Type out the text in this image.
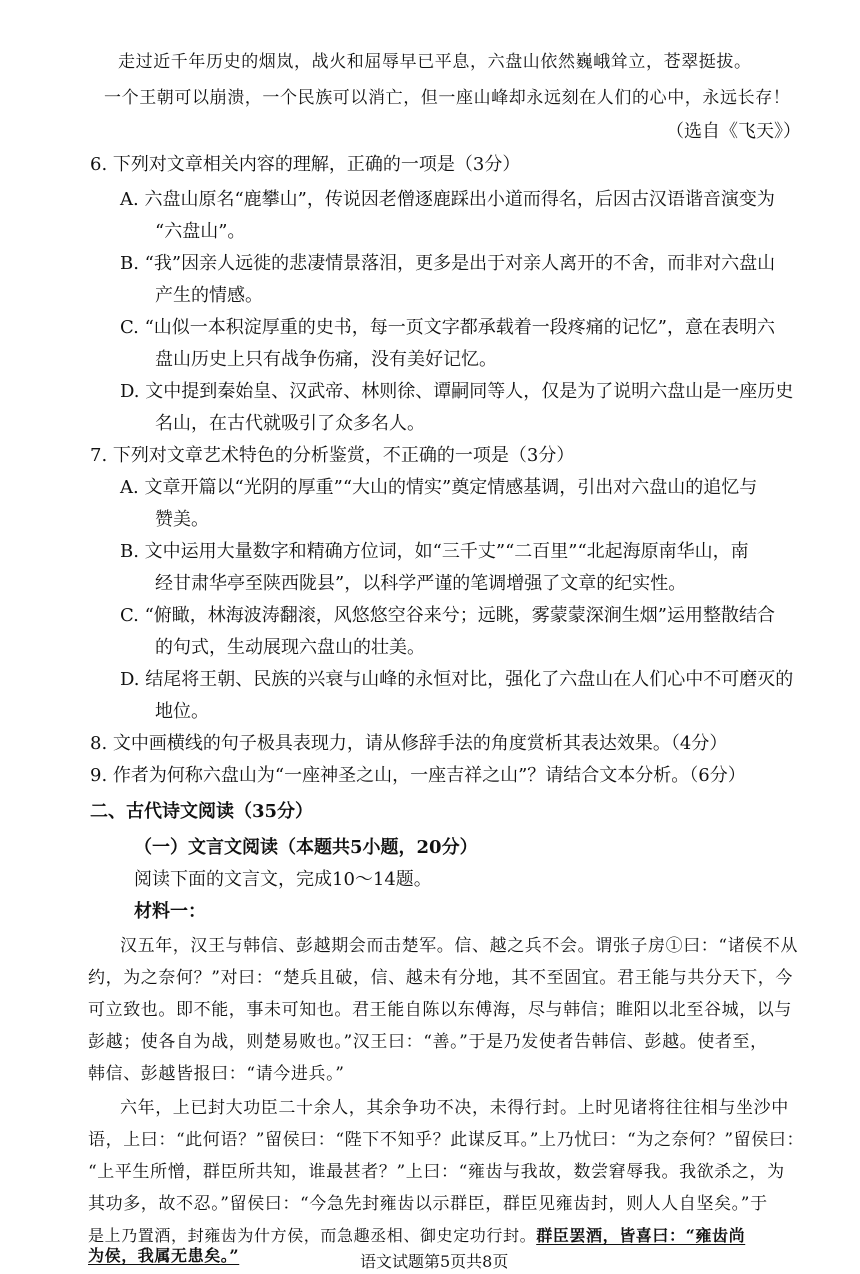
走过近千年历史的烟岚，战火和屈辱早已平息，六盘山依然巍峨耸立，苍翠挺拔。
一个王朝可以崩溃，一个民族可以消亡，但一座山峰却永远刻在人们的心中，永远长存！
（选自《飞天》）
6. 下列对文章相关内容的理解，正确的一项是（3分）
A. 六盘山原名“鹿攀山”，传说因老僧逐鹿踩出小道而得名，后因古汉语谐音演变为
“六盘山”。
B. “我”因亲人远徙的悲凄情景落泪，更多是出于对亲人离开的不舍，而非对六盘山
产生的情感。
C. “山似一本积淀厚重的史书，每一页文字都承载着一段疼痛的记忆”，意在表明六
盘山历史上只有战争伤痛，没有美好记忆。
D. 文中提到秦始皇、汉武帝、林则徐、谭嗣同等人，仅是为了说明六盘山是一座历史
名山，在古代就吸引了众多名人。
7. 下列对文章艺术特色的分析鉴赏，不正确的一项是（3分）
A. 文章开篇以“光阴的厚重”“大山的情实”奠定情感基调，引出对六盘山的追忆与
赞美。
B. 文中运用大量数字和精确方位词，如“三千丈”“二百里”“北起海原南华山，南
经甘肃华亭至陕西陇县”，以科学严谨的笔调增强了文章的纪实性。
C. “俯瞰，林海波涛翻滚，风悠悠空谷来兮；远眺，雾蒙蒙深涧生烟”运用整散结合
的句式，生动展现六盘山的壮美。
D. 结尾将王朝、民族的兴衰与山峰的永恒对比，强化了六盘山在人们心中不可磨灭的
地位。
8. 文中画横线的句子极具表现力，请从修辞手法的角度赏析其表达效果。（4分）
9. 作者为何称六盘山为“一座神圣之山，一座吉祥之山”？请结合文本分析。（6分）
二、古代诗文阅读（35分）
（一）文言文阅读（本题共5小题，20分）
阅读下面的文言文，完成10～14题。
材料一：
汉五年，汉王与韩信、彭越期会而击楚军。信、越之兵不会。谓张子房①曰：“诸侯不从
约，为之奈何？”对曰：“楚兵且破，信、越未有分地，其不至固宜。君王能与共分天下，今
可立致也。即不能，事未可知也。君王能自陈以东傅海，尽与韩信；睢阳以北至谷城，以与
彭越；使各自为战，则楚易败也。”汉王曰：“善。”于是乃发使者告韩信、彭越。使者至，
韩信、彭越皆报曰：“请今进兵。”
六年，上已封大功臣二十余人，其余争功不决，未得行封。上时见诸将往往相与坐沙中
语，上曰：“此何语？”留侯曰：“陛下不知乎？此谋反耳。”上乃忧曰：“为之奈何？”留侯曰：
“上平生所憎，群臣所共知，谁最甚者？”上曰：“雍齿与我故，数尝窘辱我。我欲杀之，为
其功多，故不忍。”留侯曰：“今急先封雍齿以示群臣，群臣见雍齿封，则人人自坚矣。”于
是上乃置酒，封雍齿为什方侯，而急趣丞相、御史定功行封。群臣罢酒，皆喜曰：“雍齿尚
为侯，我属无患矣。”	语文试题第5页共8页
